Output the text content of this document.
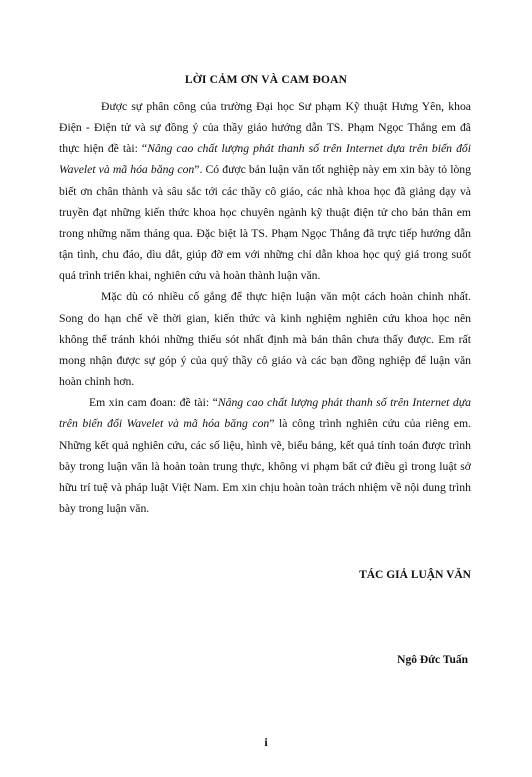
LỜI CẢM ƠN VÀ CAM ĐOAN

Được sự phân công của trường Đại học Sư phạm Kỹ thuật Hưng Yên, khoa Điện - Điện tử và sự đồng ý của thầy giáo hướng dẫn TS. Phạm Ngọc Thắng em đã thực hiện đề tài: “Nâng cao chất lượng phát thanh số trên Internet dựa trên biến đổi Wavelet và mã hóa băng con”. Có được bản luận văn tốt nghiệp này em xin bày tỏ lòng biết ơn chân thành và sâu sắc tới các thầy cô giáo, các nhà khoa học đã giảng dạy và truyền đạt những kiến thức khoa học chuyên ngành kỹ thuật điện tử cho bản thân em trong những năm tháng qua. Đặc biệt là TS. Phạm Ngọc Thắng đã trực tiếp hướng dẫn tận tình, chu đáo, dìu dắt, giúp đỡ em với những chỉ dẫn khoa học quý giá trong suốt quá trình triển khai, nghiên cứu và hoàn thành luận văn.

Mặc dù có nhiều cố gắng để thực hiện luận văn một cách hoàn chỉnh nhất. Song do hạn chế về thời gian, kiến thức và kinh nghiệm nghiên cứu khoa học nên không thể tránh khỏi những thiếu sót nhất định mà bản thân chưa thấy được. Em rất mong nhận được sự góp ý của quý thầy cô giáo và các bạn đồng nghiệp để luận văn hoàn chỉnh hơn.

Em xin cam đoan: đề tài: “Nâng cao chất lượng phát thanh số trên Internet dựa trên biến đổi Wavelet và mã hóa băng con” là công trình nghiên cứu của riêng em. Những kết quả nghiên cứu, các số liệu, hình vẽ, biểu bảng, kết quả tính toán được trình bày trong luận văn là hoàn toàn trung thực, không vi phạm bất cứ điều gì trong luật sở hữu trí tuệ và pháp luật Việt Nam. Em xin chịu hoàn toàn trách nhiệm về nội dung trình bày trong luận văn.

TÁC GIẢ LUẬN VĂN
Ngô Đức Tuấn
i
